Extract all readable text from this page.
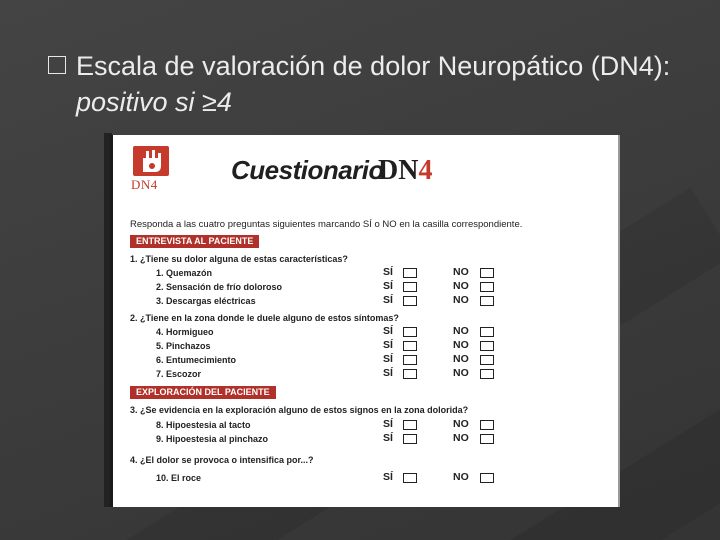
Escala de valoración de dolor Neuropático (DN4): positivo si ≥4
DN4	Cuestionario
DN4
Responda a las cuatro preguntas siguientes marcando SÍ o NO en la casilla correspondiente.
ENTREVISTA AL PACIENTE
1. ¿Tiene su dolor alguna de estas características?
1. Quemazón	SÍ	NO
2. Sensación de frío doloroso	SÍ	NO
3. Descargas eléctricas	SÍ	NO
2. ¿Tiene en la zona donde le duele alguno de estos síntomas?
4. Hormigueo	SÍ	NO
5. Pinchazos	SÍ	NO
6. Entumecimiento	SÍ	NO
7. Escozor	SÍ	NO
EXPLORACIÓN DEL PACIENTE
3. ¿Se evidencia en la exploración alguno de estos signos en la zona dolorida?
8. Hipoestesia al tacto	SÍ	NO
9. Hipoestesia al pinchazo	SÍ	NO
4. ¿El dolor se provoca o intensifica por...?
10. El roce	SÍ	NO
